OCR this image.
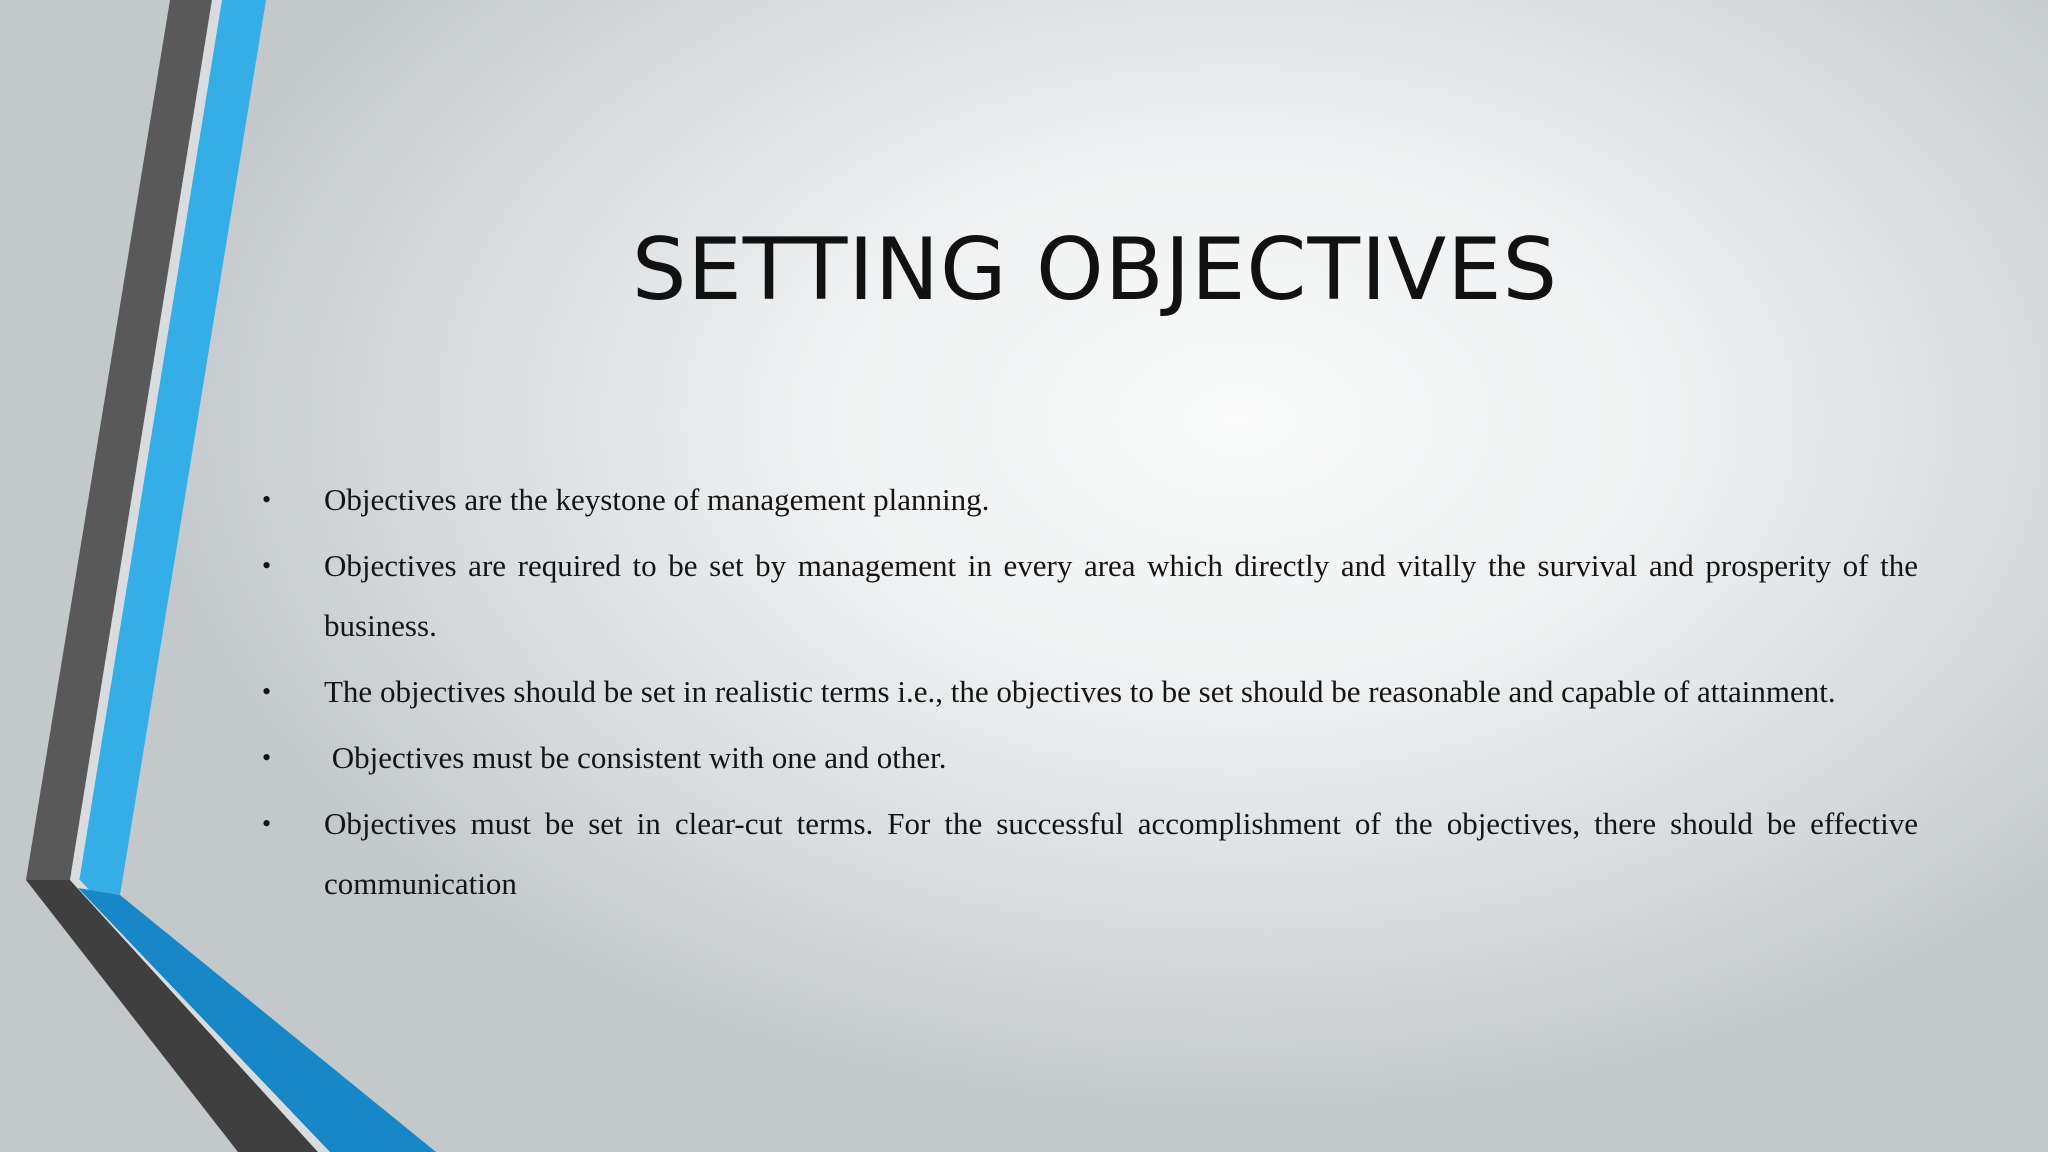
SETTING OBJECTIVES
•	Objectives are the keystone of management planning.
•	Objectives are required to be set by management in every area which directly and vitally the survival and prosperity of the business.
•	The objectives should be set in realistic terms i.e., the objectives to be set should be reasonable and capable of attainment.
•	Objectives must be consistent with one and other.
•	Objectives must be set in clear-cut terms. For the successful accomplishment of the objectives, there should be effective communication
